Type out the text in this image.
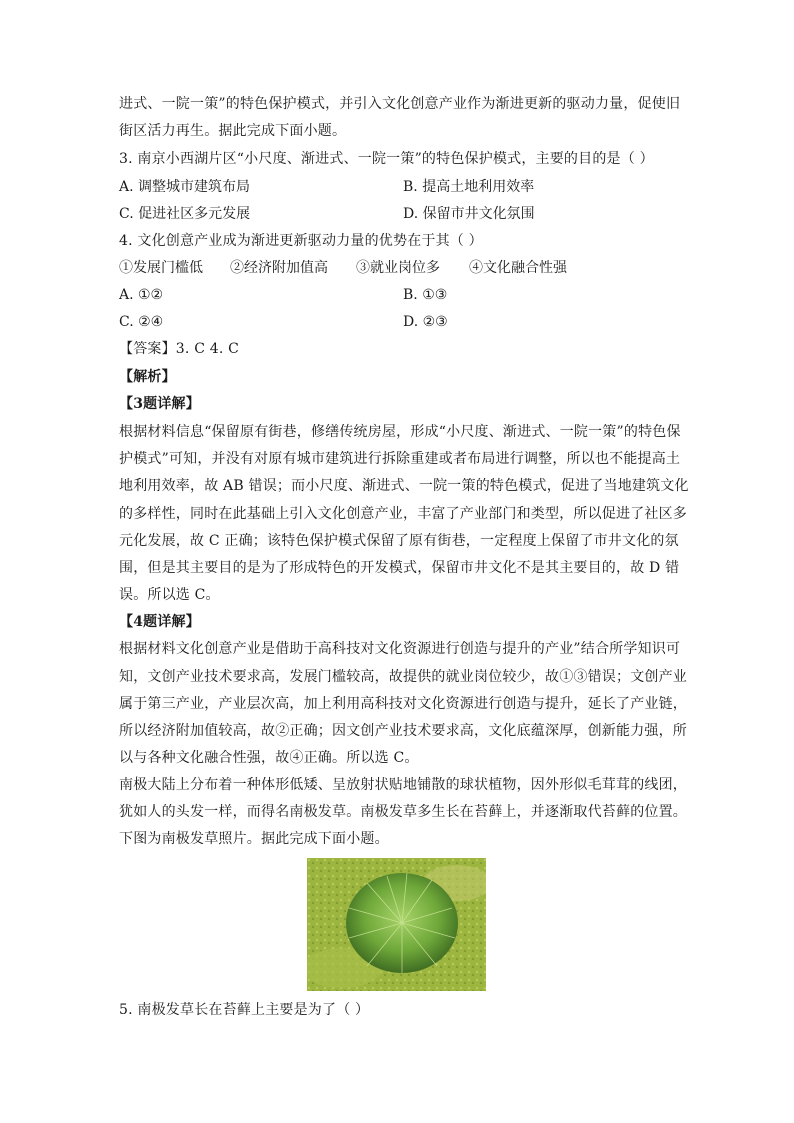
进式、一院一策”的特色保护模式，并引入文化创意产业作为渐进更新的驱动力量，促使旧
街区活力再生。据此完成下面小题。
3. 南京小西湖片区“小尺度、渐进式、一院一策”的特色保护模式，主要的目的是（ ）
A. 调整城市建筑布局	B. 提高土地利用效率
C. 促进社区多元发展	D. 保留市井文化氛围
4. 文化创意产业成为渐进更新驱动力量的优势在于其（ ）
①发展门槛低 ②经济附加值高 ③就业岗位多 ④文化融合性强
A. ①②	B. ①③
C. ②④	D. ②③
【答案】3. C 4. C
【解析】
【3题详解】
根据材料信息“保留原有街巷，修缮传统房屋，形成“小尺度、渐进式、一院一策”的特色保
护模式”可知，并没有对原有城市建筑进行拆除重建或者布局进行调整，所以也不能提高土
地利用效率，故 AB 错误；而小尺度、渐进式、一院一策的特色模式，促进了当地建筑文化
的多样性，同时在此基础上引入文化创意产业，丰富了产业部门和类型，所以促进了社区多
元化发展，故 C 正确；该特色保护模式保留了原有街巷，一定程度上保留了市井文化的氛
围，但是其主要目的是为了形成特色的开发模式，保留市井文化不是其主要目的，故 D 错
误。所以选 C。
【4题详解】
根据材料文化创意产业是借助于高科技对文化资源进行创造与提升的产业”结合所学知识可
知，文创产业技术要求高，发展门槛较高，故提供的就业岗位较少，故①③错误；文创产业
属于第三产业，产业层次高，加上利用高科技对文化资源进行创造与提升，延长了产业链，
所以经济附加值较高，故②正确；因文创产业技术要求高，文化底蕴深厚，创新能力强，所
以与各种文化融合性强，故④正确。所以选 C。
南极大陆上分布着一种体形低矮、呈放射状贴地铺散的球状植物，因外形似毛茸茸的线团，
犹如人的头发一样，而得名南极发草。南极发草多生长在苔藓上，并逐渐取代苔藓的位置。
下图为南极发草照片。据此完成下面小题。
5. 南极发草长在苔藓上主要是为了（ ）
